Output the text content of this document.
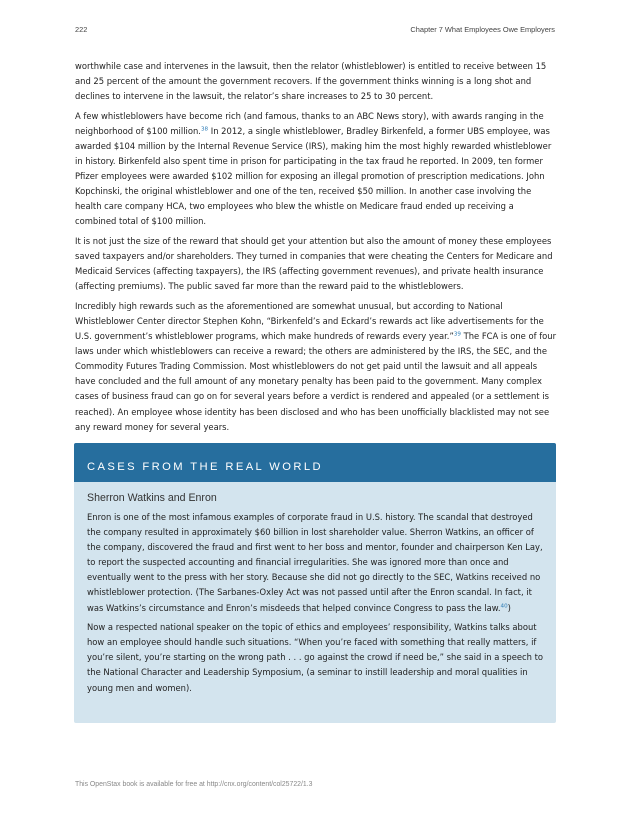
222	Chapter 7 What Employees Owe Employers

worthwhile case and intervenes in the lawsuit, then the relator (whistleblower) is entitled to receive between 15 and 25 percent of the amount the government recovers. If the government thinks winning is a long shot and declines to intervene in the lawsuit, the relator’s share increases to 25 to 30 percent.

A few whistleblowers have become rich (and famous, thanks to an ABC News story), with awards ranging in the neighborhood of $100 million.$^{38}$ In 2012, a single whistleblower, Bradley Birkenfeld, a former UBS employee, was awarded $104 million by the Internal Revenue Service (IRS), making him the most highly rewarded whistleblower in history. Birkenfeld also spent time in prison for participating in the tax fraud he reported. In 2009, ten former Pfizer employees were awarded $102 million for exposing an illegal promotion of prescription medications. John Kopchinski, the original whistleblower and one of the ten, received $50 million. In another case involving the health care company HCA, two employees who blew the whistle on Medicare fraud ended up receiving a combined total of $100 million.

It is not just the size of the reward that should get your attention but also the amount of money these employees saved taxpayers and/or shareholders. They turned in companies that were cheating the Centers for Medicare and Medicaid Services (affecting taxpayers), the IRS (affecting government revenues), and private health insurance (affecting premiums). The public saved far more than the reward paid to the whistleblowers.

Incredibly high rewards such as the aforementioned are somewhat unusual, but according to National Whistleblower Center director Stephen Kohn, “Birkenfeld’s and Eckard’s rewards act like advertisements for the U.S. government’s whistleblower programs, which make hundreds of rewards every year.”$^{39}$ The FCA is one of four laws under which whistleblowers can receive a reward; the others are administered by the IRS, the SEC, and the Commodity Futures Trading Commission. Most whistleblowers do not get paid until the lawsuit and all appeals have concluded and the full amount of any monetary penalty has been paid to the government. Many complex cases of business fraud can go on for several years before a verdict is rendered and appealed (or a settlement is reached). An employee whose identity has been disclosed and who has been unofficially blacklisted may not see any reward money for several years.

CASES FROM THE REAL WORLD
Sherron Watkins and Enron

Enron is one of the most infamous examples of corporate fraud in U.S. history. The scandal that destroyed the company resulted in approximately $60 billion in lost shareholder value. Sherron Watkins, an officer of the company, discovered the fraud and first went to her boss and mentor, founder and chairperson Ken Lay, to report the suspected accounting and financial irregularities. She was ignored more than once and eventually went to the press with her story. Because she did not go directly to the SEC, Watkins received no whistleblower protection. (The Sarbanes-Oxley Act was not passed until after the Enron scandal. In fact, it was Watkins’s circumstance and Enron’s misdeeds that helped convince Congress to pass the law.$^{40}$)

Now a respected national speaker on the topic of ethics and employees’ responsibility, Watkins talks about how an employee should handle such situations. “When you’re faced with something that really matters, if you’re silent, you’re starting on the wrong path . . . go against the crowd if need be,” she said in a speech to the National Character and Leadership Symposium, (a seminar to instill leadership and moral qualities in young men and women).

This OpenStax book is available for free at http://cnx.org/content/col25722/1.3
